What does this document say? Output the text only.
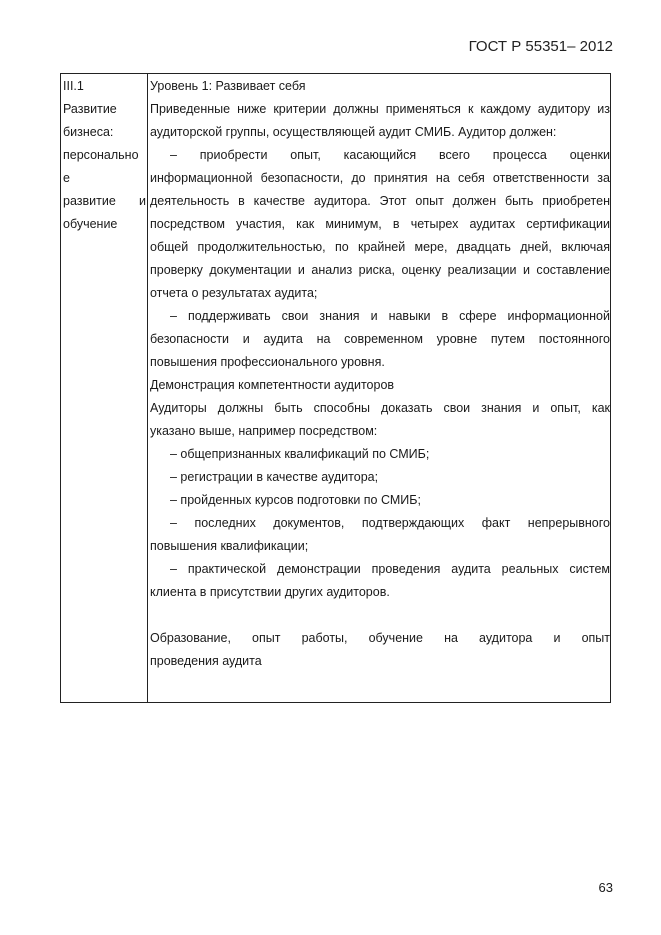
ГОСТ Р 55351– 2012
III.1
Развитие
бизнеса:
персонально
е
развитие и
обучение
Уровень 1: Развивает себя
Приведенные ниже критерии должны применяться к каждому аудитору из
аудиторской группы, осуществляющей аудит СМИБ. Аудитор должен:
– приобрести опыт, касающийся всего процесса оценки
информационной безопасности, до принятия на себя ответственности за
деятельность в качестве аудитора. Этот опыт должен быть приобретен
посредством участия, как минимум, в четырех аудитах сертификации
общей продолжительностью, по крайней мере, двадцать дней, включая
проверку документации и анализ риска, оценку реализации и составление
отчета о результатах аудита;
– поддерживать свои знания и навыки в сфере информационной
безопасности и аудита на современном уровне путем постоянного
повышения профессионального уровня.
Демонстрация компетентности аудиторов
Аудиторы должны быть способны доказать свои знания и опыт, как
указано выше, например посредством:
– общепризнанных квалификаций по СМИБ;
– регистрации в качестве аудитора;
– пройденных курсов подготовки по СМИБ;
– последних документов, подтверждающих факт непрерывного
повышения квалификации;
– практической демонстрации проведения аудита реальных систем
клиента в присутствии других аудиторов.
Образование, опыт работы, обучение на аудитора и опыт
проведения аудита
63
